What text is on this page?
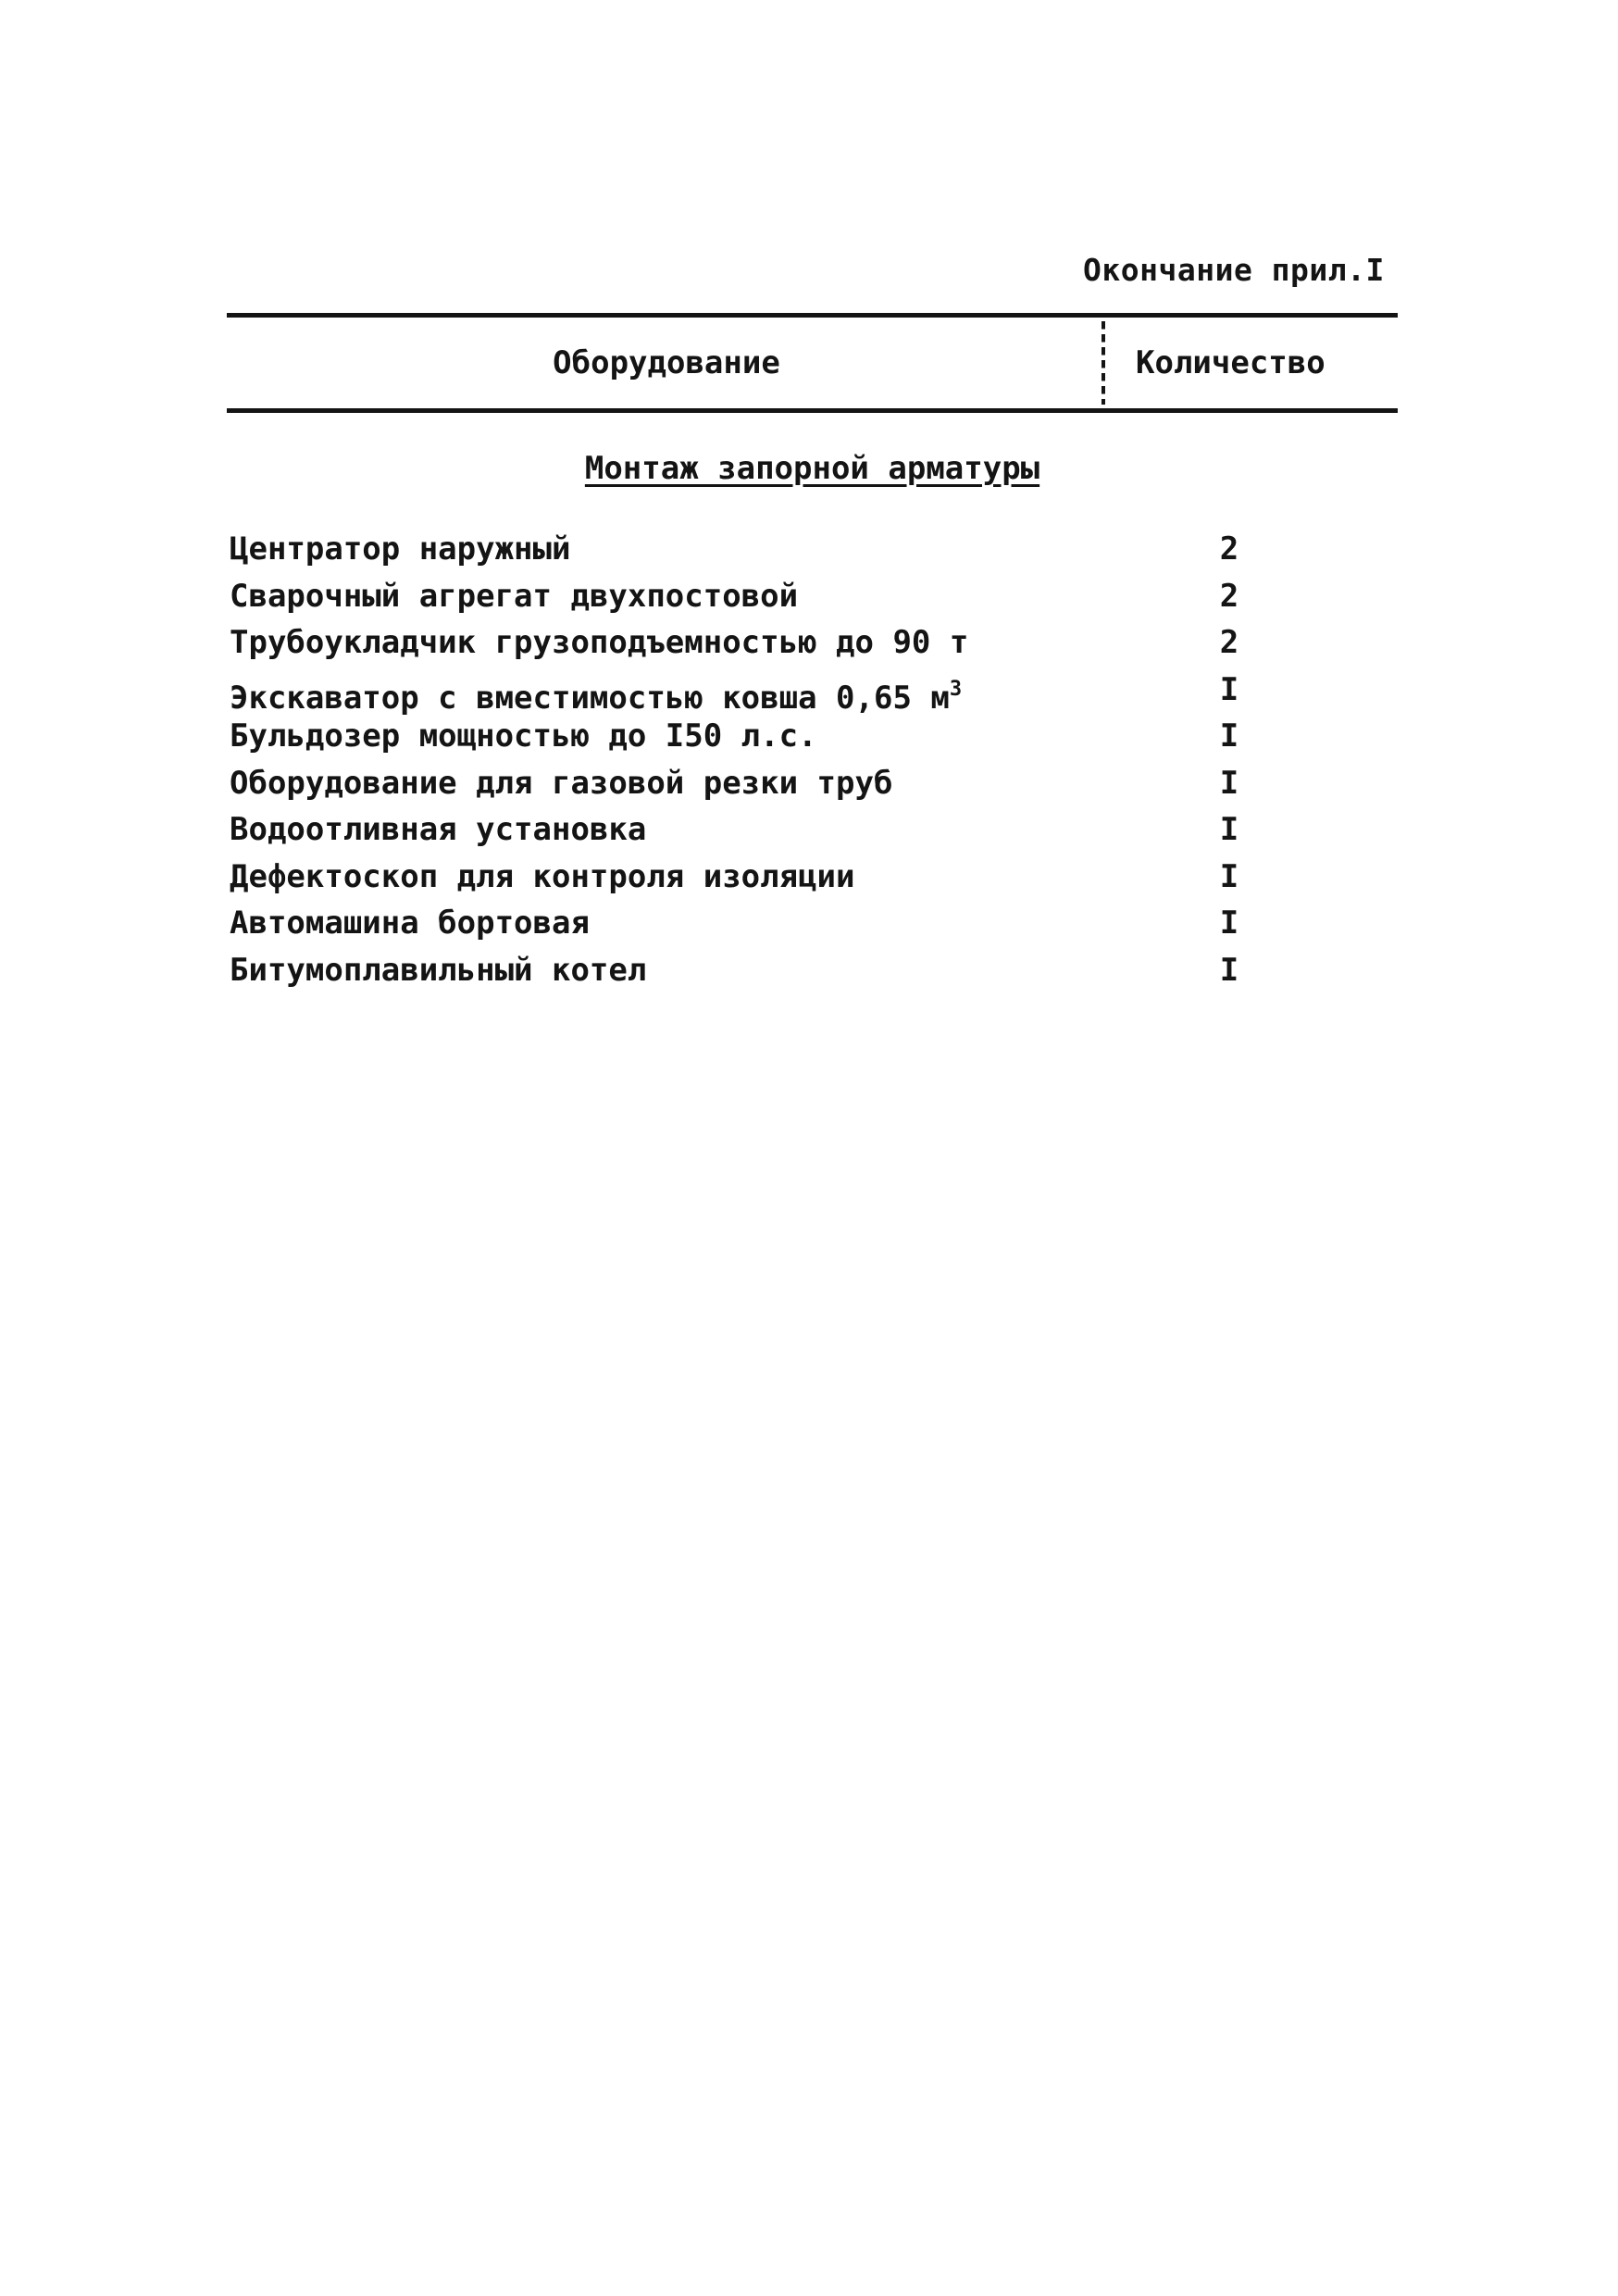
Окончание прил.I
Оборудование	Количество
Монтаж запорной арматуры
Центратор наружный	2
Сварочный агрегат двухпостовой	2
Трубоукладчик грузоподъемностью до 90 т	2
Экскаватор с вместимостью ковша 0,65 $м^3$	I
Бульдозер мощностью до I50 л.с.	I
Оборудование для газовой резки труб	I
Водоотливная установка	I
Дефектоскоп для контроля изоляции	I
Автомашина бортовая	I
Битумоплавильный котел	I
